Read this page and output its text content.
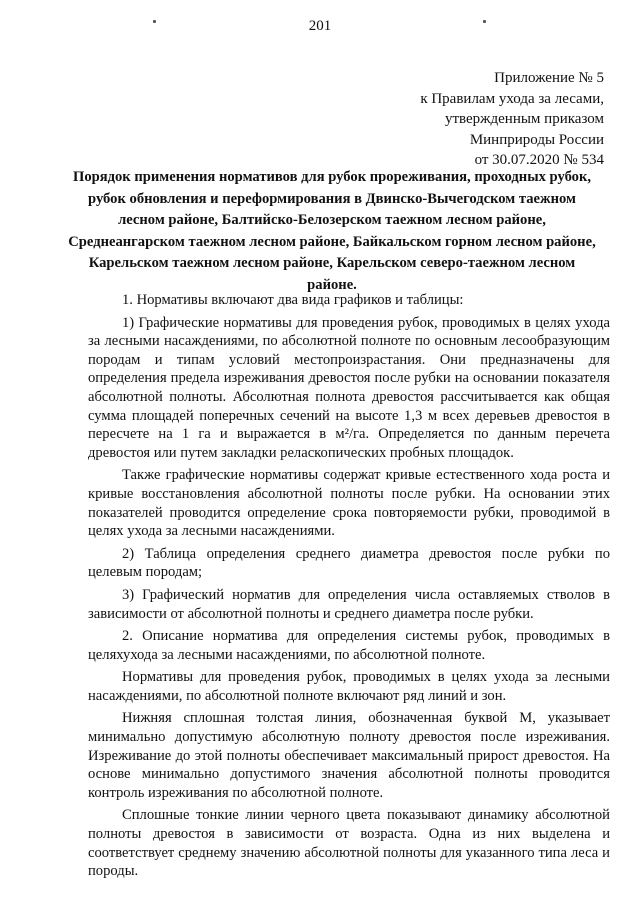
201
Приложение № 5
к Правилам ухода за лесами,
утвержденным приказом
Минприроды России
от 30.07.2020 № 534
Порядок применения нормативов для рубок прореживания, проходных рубок,
рубок обновления и переформирования в Двинско-Вычегодском таежном
лесном районе, Балтийско-Белозерском таежном лесном районе,
Среднеангарском таежном лесном районе, Байкальском горном лесном районе,
Карельском таежном лесном районе, Карельском северо-таежном лесном
районе.

1. Нормативы включают два вида графиков и таблицы:

1) Графические нормативы для проведения рубок, проводимых в целях ухода за лесными насаждениями, по абсолютной полноте по основным лесообразующим породам и типам условий местопроизрастания. Они предназначены для определения предела изреживания древостоя после рубки на основании показателя абсолютной полноты. Абсолютная полнота древостоя рассчитывается как общая сумма площадей поперечных сечений на высоте 1,3 м всех деревьев древостоя в пересчете на 1 га и выражается в м²/га. Определяется по данным перечета древостоя или путем закладки реласкопических пробных площадок.

Также графические нормативы содержат кривые естественного хода роста и кривые восстановления абсолютной полноты после рубки. На основании этих показателей проводится определение срока повторяемости рубки, проводимой в целях ухода за лесными насаждениями.

2) Таблица определения среднего диаметра древостоя после рубки по целевым породам;

3) Графический норматив для определения числа оставляемых стволов в зависимости от абсолютной полноты и среднего диаметра после рубки.

2. Описание норматива для определения системы рубок, проводимых в целяхухода за лесными насаждениями, по абсолютной полноте.

Нормативы для проведения рубок, проводимых в целях ухода за лесными насаждениями, по абсолютной полноте включают ряд линий и зон.

Нижняя сплошная толстая линия, обозначенная буквой М, указывает минимально допустимую абсолютную полноту древостоя после изреживания. Изреживание до этой полноты обеспечивает максимальный прирост древостоя. На основе минимально допустимого значения абсолютной полноты проводится контроль изреживания по абсолютной полноте.

Сплошные тонкие линии черного цвета показывают динамику абсолютной полноты древостоя в зависимости от возраста. Одна из них выделена и соответствует среднему значению абсолютной полноты для указанного типа леса и породы.
